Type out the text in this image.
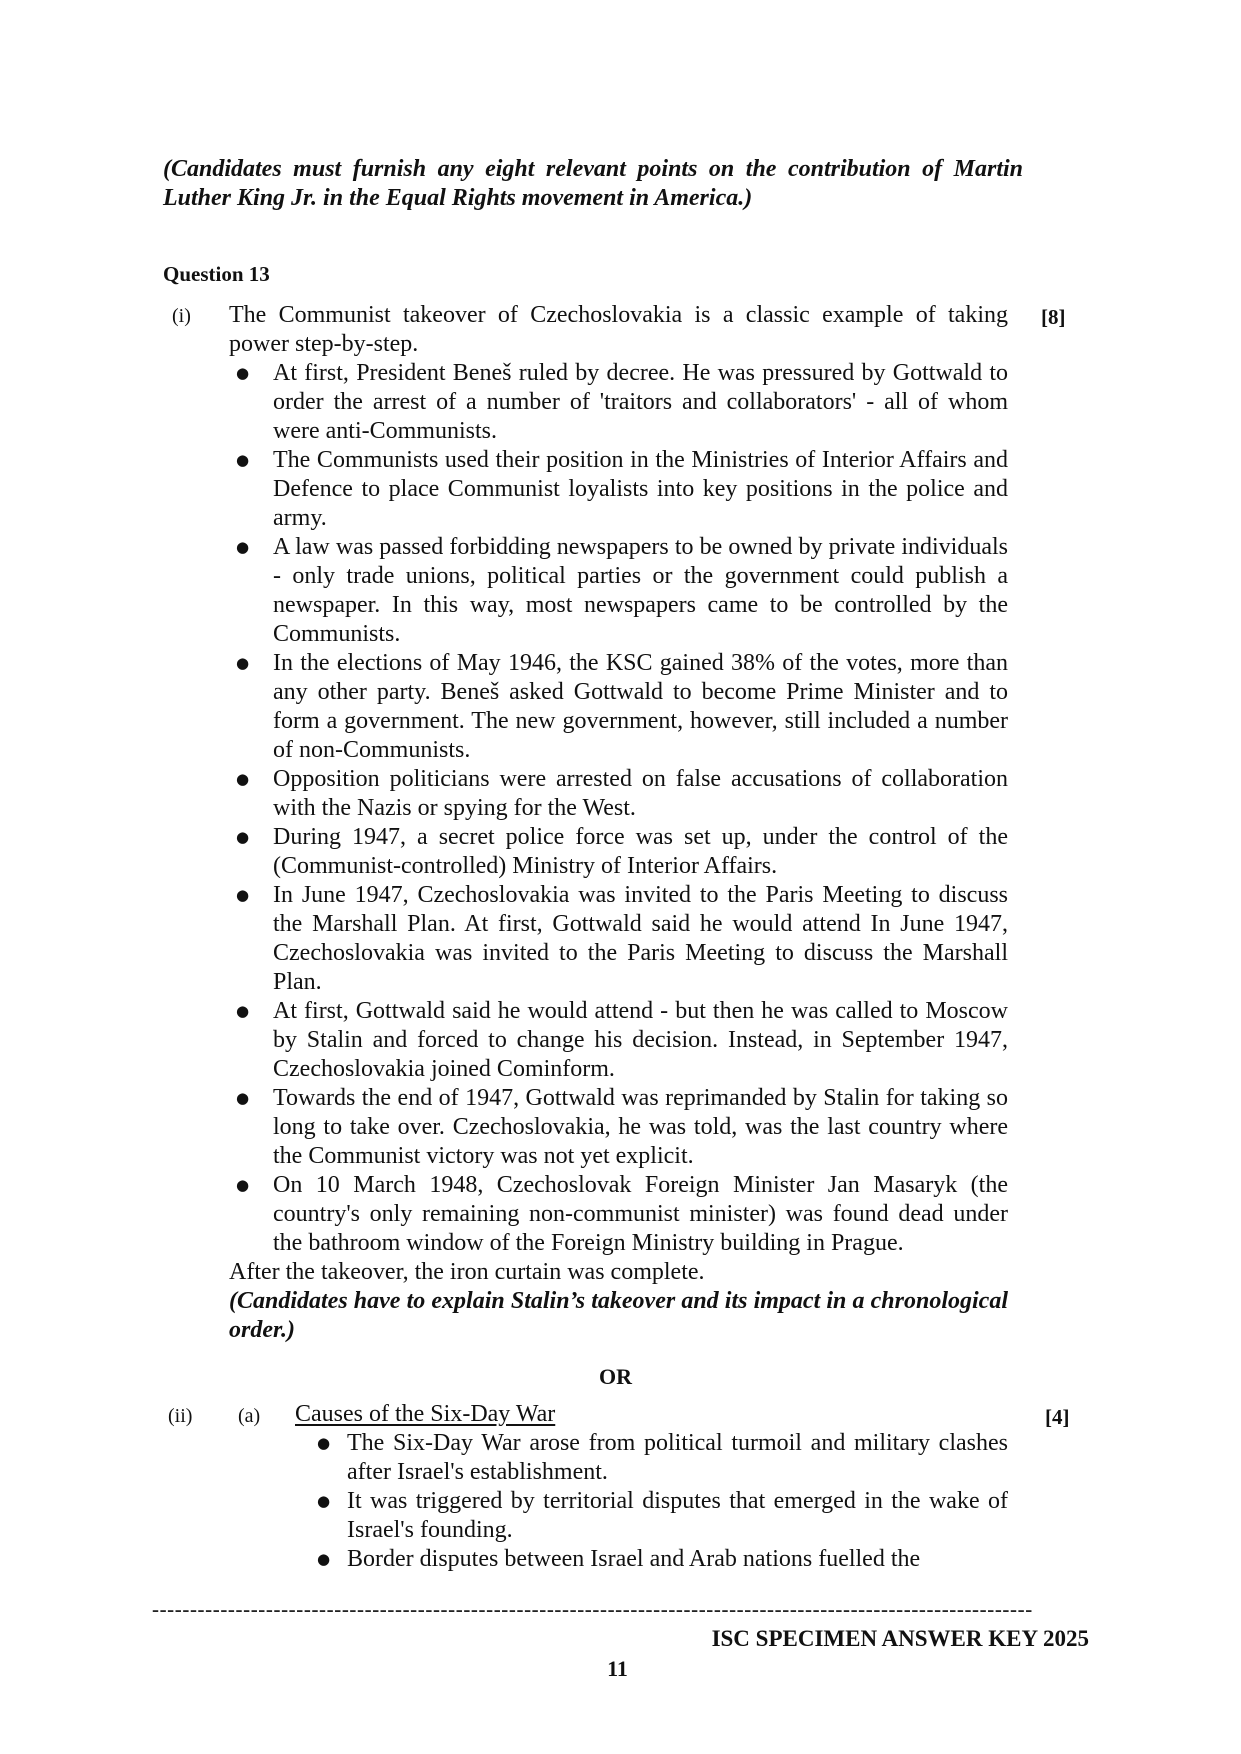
(Candidates must furnish any eight relevant points on the contribution of Martin Luther King Jr. in the Equal Rights movement in America.)

Question 13

(i)	[8]

The Communist takeover of Czechoslovakia is a classic example of taking power step-by-step.

● At first, President Beneš ruled by decree. He was pressured by Gottwald to order the arrest of a number of 'traitors and collaborators' - all of whom were anti-Communists.
● The Communists used their position in the Ministries of Interior Affairs and Defence to place Communist loyalists into key positions in the police and army.
● A law was passed forbidding newspapers to be owned by private individuals - only trade unions, political parties or the government could publish a newspaper. In this way, most newspapers came to be controlled by the Communists.
● In the elections of May 1946, the KSC gained 38% of the votes, more than any other party. Beneš asked Gottwald to become Prime Minister and to form a government. The new government, however, still included a number of non-Communists.
● Opposition politicians were arrested on false accusations of collaboration with the Nazis or spying for the West.
● During 1947, a secret police force was set up, under the control of the (Communist-controlled) Ministry of Interior Affairs.
● In June 1947, Czechoslovakia was invited to the Paris Meeting to discuss the Marshall Plan. At first, Gottwald said he would attend In June 1947, Czechoslovakia was invited to the Paris Meeting to discuss the Marshall Plan.
● At first, Gottwald said he would attend - but then he was called to Moscow by Stalin and forced to change his decision. Instead, in September 1947, Czechoslovakia joined Cominform.
● Towards the end of 1947, Gottwald was reprimanded by Stalin for taking so long to take over. Czechoslovakia, he was told, was the last country where the Communist victory was not yet explicit.
● On 10 March 1948, Czechoslovak Foreign Minister Jan Masaryk (the country's only remaining non-communist minister) was found dead under the bathroom window of the Foreign Ministry building in Prague.

After the takeover, the iron curtain was complete.

(Candidates have to explain Stalin’s takeover and its impact in a chronological order.)

OR

(ii) (a)	[4]

Causes of the Six-Day War

● The Six-Day War arose from political turmoil and military clashes after Israel's establishment.
● It was triggered by territorial disputes that emerged in the wake of Israel's founding.
● Border disputes between Israel and Arab nations fuelled the
--------------------------------------------------------------------------------------------------------------------
ISC SPECIMEN ANSWER KEY 2025
11
